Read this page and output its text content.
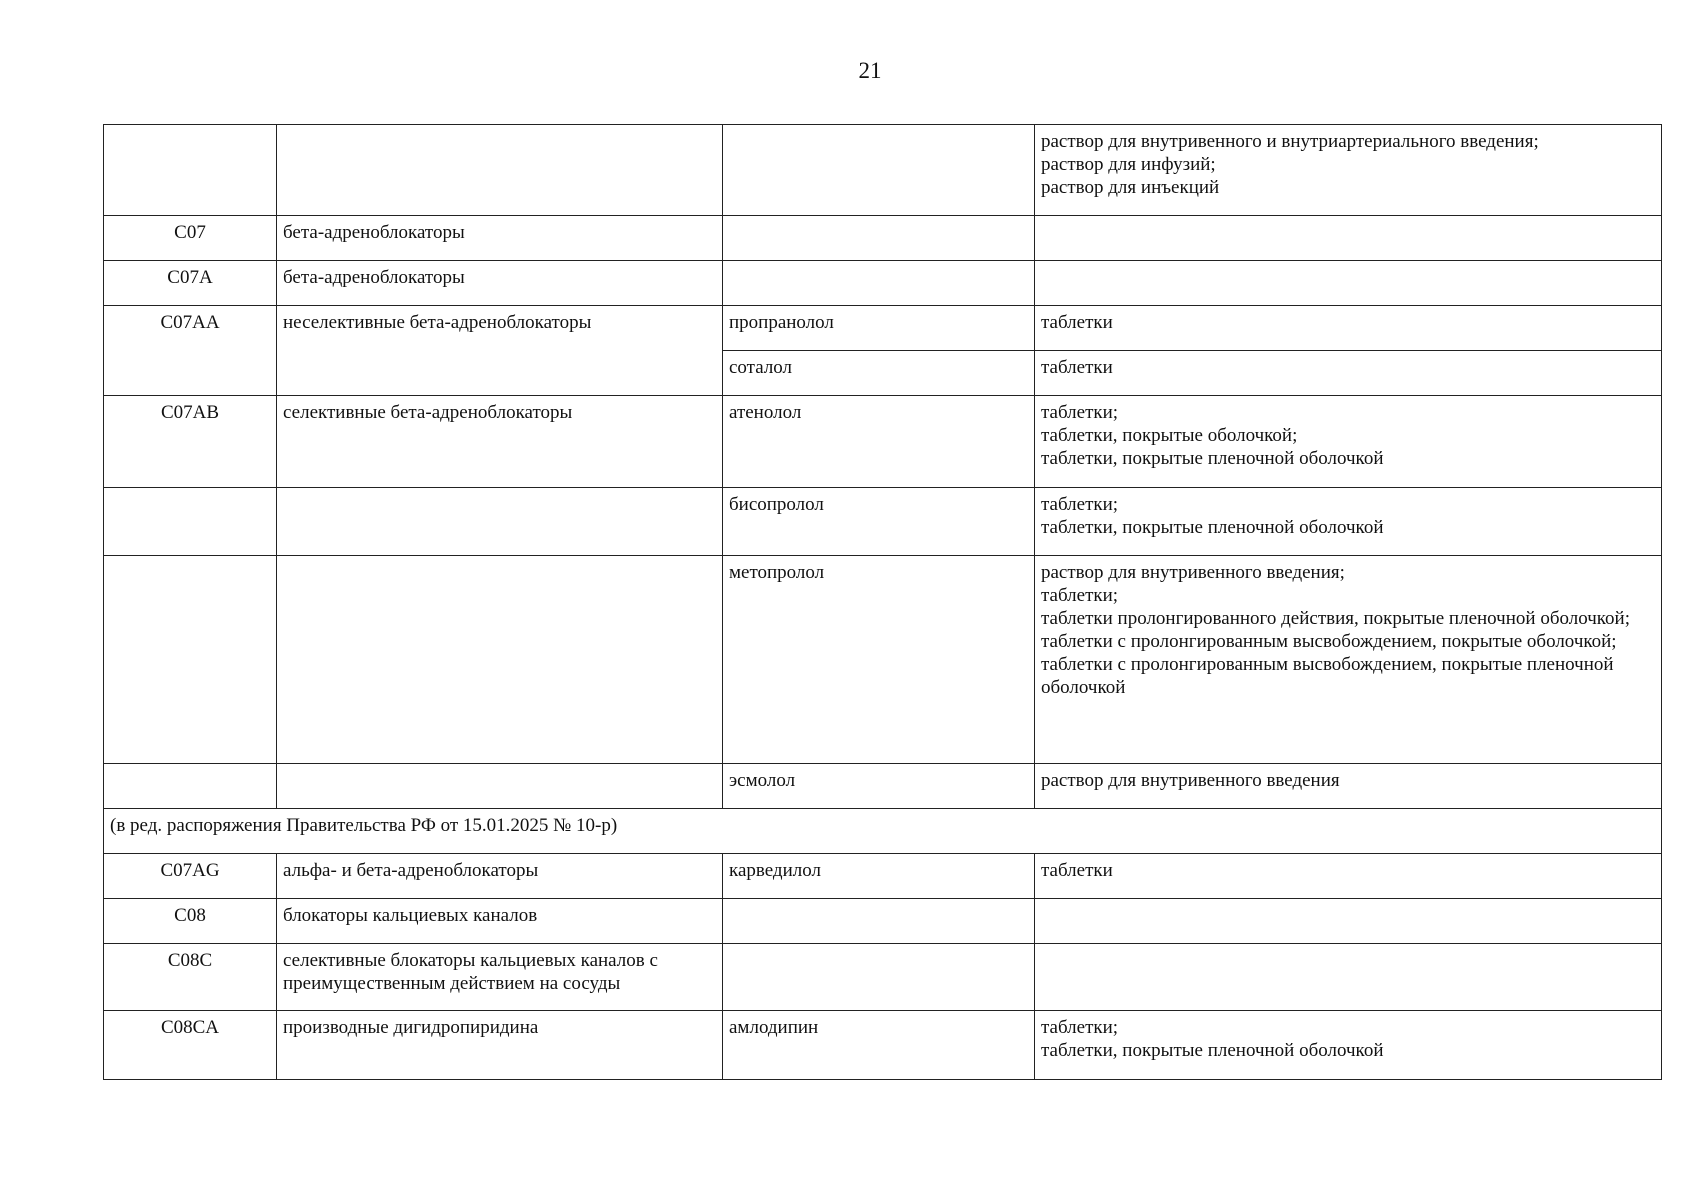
21
			раствор для внутривенного и внутриартериального введения;
раствор для инфузий;
раствор для инъекций
C07	бета-адреноблокаторы		
C07A	бета-адреноблокаторы		
C07AA	неселективные бета-адреноблокаторы	пропранолол	таблетки
		соталол	таблетки
C07AB	селективные бета-адреноблокаторы	атенолол	таблетки;
таблетки, покрытые оболочкой;
таблетки, покрытые пленочной оболочкой
		бисопролол	таблетки;
таблетки, покрытые пленочной оболочкой
		метопролол	раствор для внутривенного введения;
таблетки;
таблетки пролонгированного действия, покрытые пленочной оболочкой;
таблетки с пролонгированным высвобождением, покрытые оболочкой;
таблетки с пролонгированным высвобождением, покрытые пленочной оболочкой
		эсмолол	раствор для внутривенного введения
(в ред. распоряжения Правительства РФ от 15.01.2025 № 10-р)			
C07AG	альфа- и бета-адреноблокаторы	карведилол	таблетки
C08	блокаторы кальциевых каналов		
C08C	селективные блокаторы кальциевых каналов с преимущественным действием на сосуды		
C08CA	производные дигидропиридина	амлодипин	таблетки;
таблетки, покрытые пленочной оболочкой
